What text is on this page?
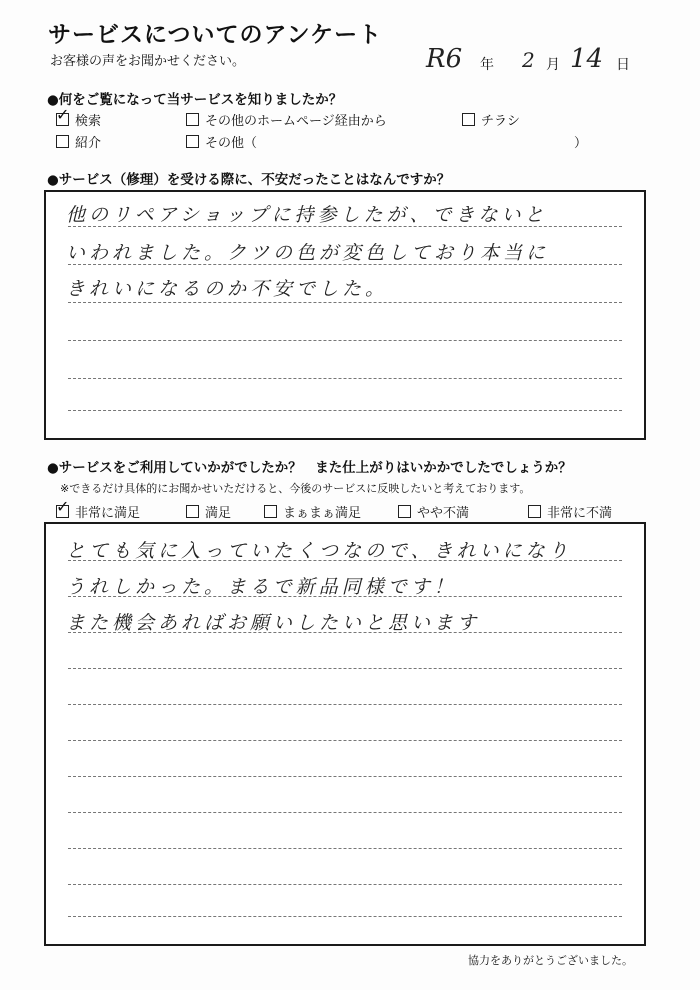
サービスについてのアンケート
お客様の声をお聞かせください。	R6 年 2 月 14 日
●何をご覧になって当サービスを知りましたか？
✓ 検索	その他のホームページ経由から	チラシ
紹介	その他（	）
●サービス（修理）を受ける際に、不安だったことはなんですか？
他のリペアショップに持参したが、できないと
いわれました。クツの色が変色しており本当に
きれいになるのか不安でした。
●サービスをご利用していかがでしたか？　また仕上がりはいかかでしたでしょうか？
※できるだけ具体的にお聞かせいただけると、今後のサービスに反映したいと考えております。
✓ 非常に満足	満足	まぁまぁ満足	やや不満	非常に不満
とても気に入っていたくつなので、きれいになり
うれしかった。まるで新品同様です！
また機会あればお願いしたいと思います
協力をありがとうございました。
